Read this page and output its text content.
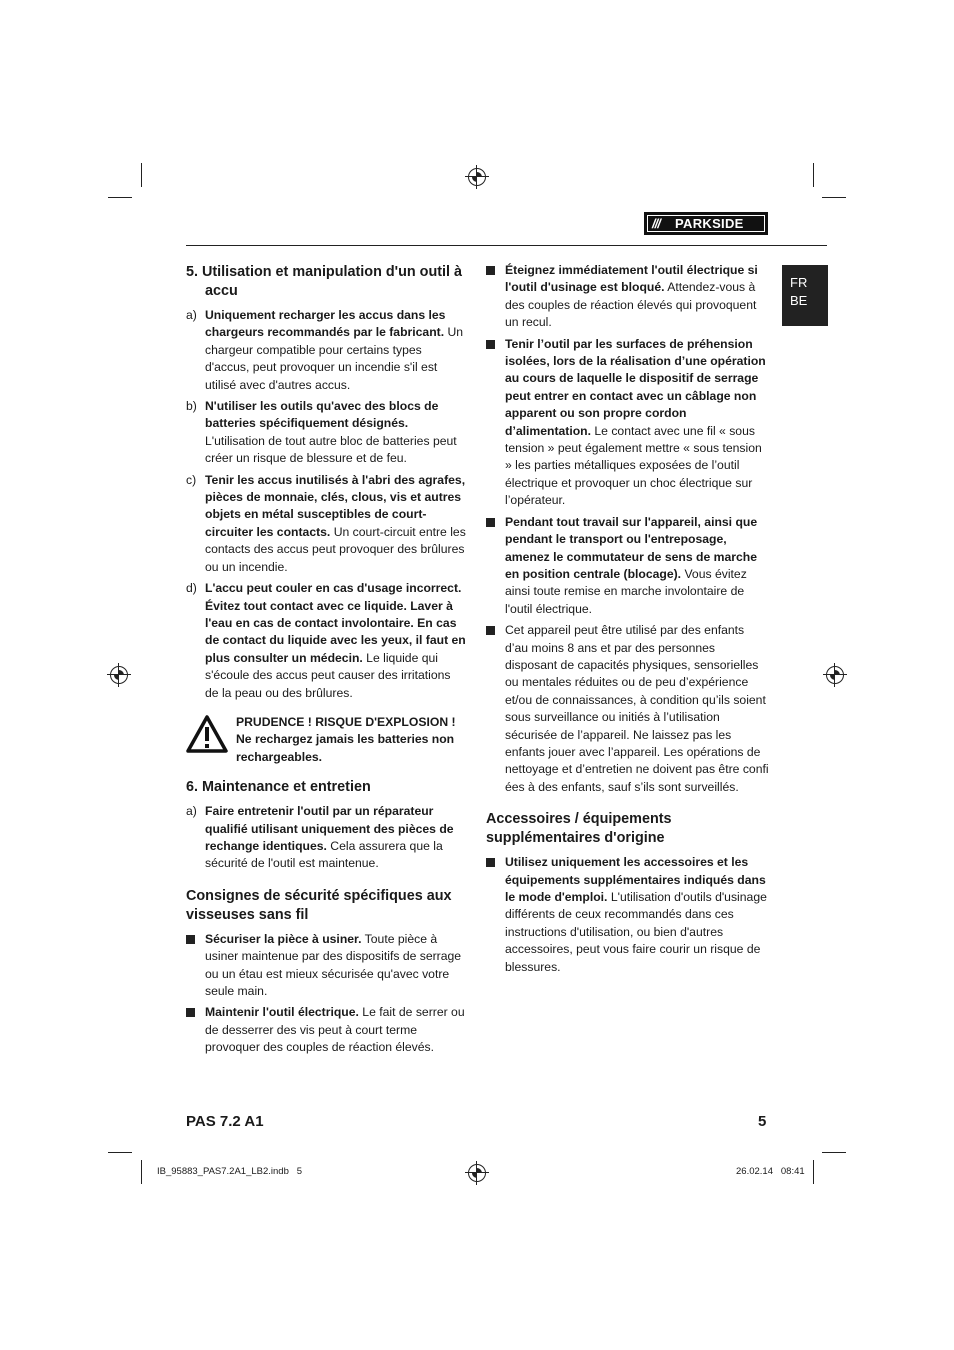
/// PARKSIDE
FR
BE
5. Utilisation et manipulation d'un outil à accu
a) Uniquement recharger les accus dans les chargeurs recommandés par le fabricant. Un chargeur compatible pour certains types d'accus, peut provoquer un incendie s'il est utilisé avec d'autres accus.

b) N'utiliser les outils qu'avec des blocs de batteries spécifiquement désignés. L'utilisation de tout autre bloc de batteries peut créer un risque de blessure et de feu.

c) Tenir les accus inutilisés à l'abri des agrafes, pièces de monnaie, clés, clous, vis et autres objets en métal susceptibles de court-circuiter les contacts. Un court-circuit entre les contacts des accus peut provoquer des brûlures ou un incendie.

d) L'accu peut couler en cas d'usage incorrect. Évitez tout contact avec ce liquide. Laver à l'eau en cas de contact involontaire. En cas de contact du liquide avec les yeux, il faut en plus consulter un médecin. Le liquide qui s'écoule des accus peut causer des irritations de la peau ou des brûlures.

PRUDENCE ! RISQUE D'EXPLOSION ! Ne rechargez jamais les batteries non rechargeables.

6. Maintenance et entretien
a) Faire entretenir l'outil par un réparateur qualifié utilisant uniquement des pièces de rechange identiques. Cela assurera que la sécurité de l'outil est maintenue.

Consignes de sécurité spécifiques aux visseuses sans fil

Sécuriser la pièce à usiner. Toute pièce à usiner maintenue par des dispositifs de serrage ou un étau est mieux sécurisée qu'avec votre seule main.

Maintenir l'outil électrique. Le fait de serrer ou de desserrer des vis peut à court terme provoquer des couples de réaction élevés.

Éteignez immédiatement l'outil électrique si l'outil d'usinage est bloqué. Attendez-vous à des couples de réaction élevés qui provoquent un recul.

Tenir l’outil par les surfaces de préhension isolées, lors de la réalisation d’une opération au cours de laquelle le dispositif de serrage peut entrer en contact avec un câblage non apparent ou son propre cordon d’alimentation. Le contact avec une fil « sous tension » peut également mettre « sous tension » les parties métalliques exposées de l’outil électrique et provoquer un choc électrique sur l’opérateur.

Pendant tout travail sur l'appareil, ainsi que pendant le transport ou l'entreposage, amenez le commutateur de sens de marche en position centrale (blocage). Vous évitez ainsi toute remise en marche involontaire de l'outil électrique.

Cet appareil peut être utilisé par des enfants d’au moins 8 ans et par des personnes disposant de capacités physiques, sensorielles ou mentales réduites ou de peu d’expérience et/ou de connaissances, à condition qu’ils soient sous surveillance ou initiés à l’utilisation sécurisée de l’appareil. Ne laissez pas les enfants jouer avec l’appareil. Les opérations de nettoyage et d’entretien ne doivent pas être confi ées à des enfants, sauf s’ils sont surveillés.

Accessoires / équipements supplémentaires d'origine

Utilisez uniquement les accessoires et les équipements supplémentaires indiqués dans le mode d'emploi. L'utilisation d'outils d'usinage différents de ceux recommandés dans ces instructions d'utilisation, ou bien d'autres accessoires, peut vous faire courir un risque de blessures.

PAS 7.2 A1	5
IB_95883_PAS7.2A1_LB2.indb   5	26.02.14   08:41
